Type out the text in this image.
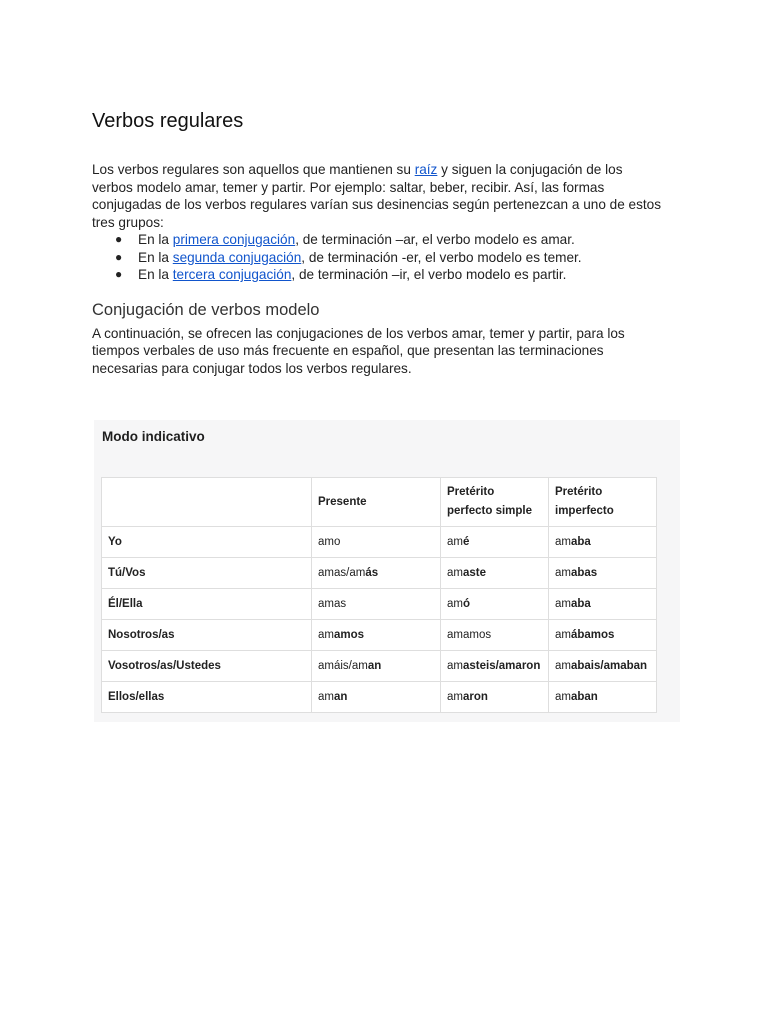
Verbos regulares

Los verbos regulares son aquellos que mantienen su raíz y siguen la conjugación de los verbos modelo amar, temer y partir. Por ejemplo: saltar, beber, recibir. Así, las formas conjugadas de los verbos regulares varían sus desinencias según pertenezcan a uno de estos tres grupos:

● En la primera conjugación, de terminación –ar, el verbo modelo es amar.
● En la segunda conjugación, de terminación -er, el verbo modelo es temer.
● En la tercera conjugación, de terminación –ir, el verbo modelo es partir.
Conjugación de verbos modelo

A continuación, se ofrecen las conjugaciones de los verbos amar, temer y partir, para los tiempos verbales de uso más frecuente en español, que presentan las terminaciones necesarias para conjugar todos los verbos regulares.

Modo indicativo
	Presente	Pretérito perfecto simple	Pretérito imperfecto
Yo	amo	amé	amaba
Tú/Vos	amas/amás	amaste	amabas
Él/Ella	amas	amó	amaba
Nosotros/as	amamos	amamos	amábamos
Vosotros/as/Ustedes	amáis/aman	amasteis/amaron	amabais/amaban
Ellos/ellas	aman	amaron	amaban
